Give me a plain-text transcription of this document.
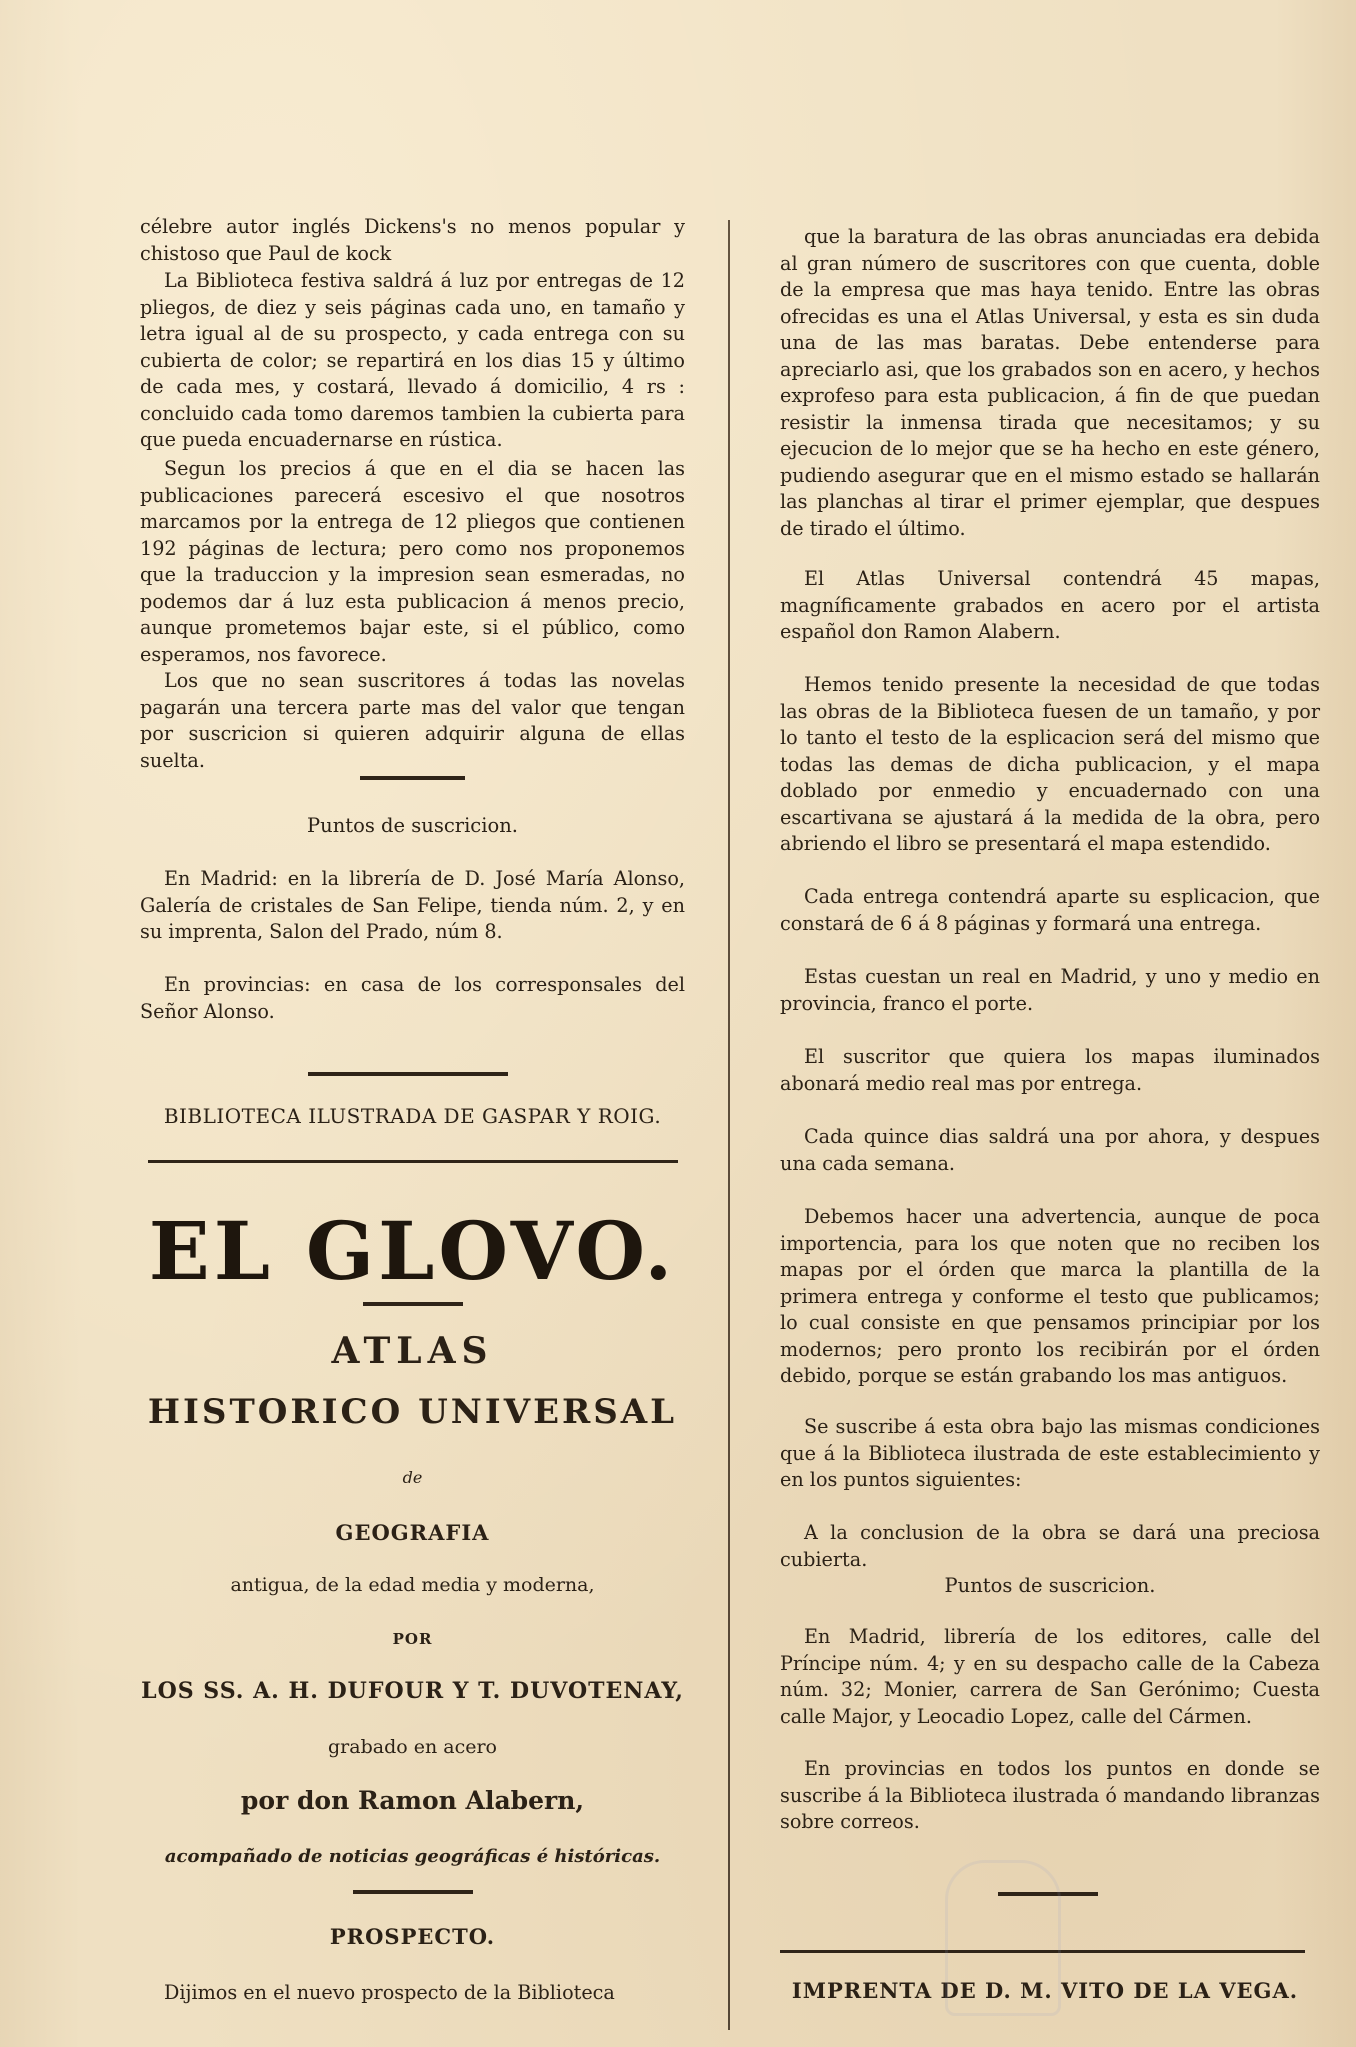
célebre autor inglés Dickens's no menos popular y chistoso que Paul de kock

La Biblioteca festiva saldrá á luz por entregas de 12 pliegos, de diez y seis páginas cada uno, en tamaño y letra igual al de su prospecto, y cada entrega con su cubierta de color; se repartirá en los dias 15 y último de cada mes, y costará, llevado á domicilio, 4 rs : concluido cada tomo daremos tambien la cubierta para que pueda encuadernarse en rústica.

Segun los precios á que en el dia se hacen las publicaciones parecerá escesivo el que nosotros marcamos por la entrega de 12 pliegos que contienen 192 páginas de lectura; pero como nos proponemos que la traduccion y la impresion sean esmeradas, no podemos dar á luz esta publicacion á menos precio, aunque prometemos bajar este, si el público, como esperamos, nos favorece.

Los que no sean suscritores á todas las novelas pagarán una tercera parte mas del valor que tengan por suscricion si quieren adquirir alguna de ellas suelta.

Puntos de suscricion.

En Madrid: en la librería de D. José María Alonso, Galería de cristales de San Felipe, tienda núm. 2, y en su imprenta, Salon del Prado, núm 8.

En provincias: en casa de los corresponsales del Señor Alonso.

BIBLIOTECA ILUSTRADA DE GASPAR Y ROIG.

EL GLOVO.

ATLAS

HISTORICO UNIVERSAL

de

GEOGRAFIA

antigua, de la edad media y moderna,

POR

LOS SS. A. H. DUFOUR Y T. DUVOTENAY,

grabado en acero

por don Ramon Alabern,

acompañado de noticias geográficas é históricas.

PROSPECTO.

Dijimos en el nuevo prospecto de la Biblioteca

que la baratura de las obras anunciadas era debida al gran número de suscritores con que cuenta, doble de la empresa que mas haya tenido. Entre las obras ofrecidas es una el Atlas Universal, y esta es sin duda una de las mas baratas. Debe entenderse para apreciarlo asi, que los grabados son en acero, y hechos exprofeso para esta publicacion, á fin de que puedan resistir la inmensa tirada que necesitamos; y su ejecucion de lo mejor que se ha hecho en este género, pudiendo asegurar que en el mismo estado se hallarán las planchas al tirar el primer ejemplar, que despues de tirado el último.

El Atlas Universal contendrá 45 mapas, magníficamente grabados en acero por el artista español don Ramon Alabern.

Hemos tenido presente la necesidad de que todas las obras de la Biblioteca fuesen de un tamaño, y por lo tanto el testo de la esplicacion será del mismo que todas las demas de dicha publicacion, y el mapa doblado por enmedio y encuadernado con una escartivana se ajustará á la medida de la obra, pero abriendo el libro se presentará el mapa estendido.

Cada entrega contendrá aparte su esplicacion, que constará de 6 á 8 páginas y formará una entrega.

Estas cuestan un real en Madrid, y uno y medio en provincia, franco el porte.

El suscritor que quiera los mapas iluminados abonará medio real mas por entrega.

Cada quince dias saldrá una por ahora, y despues una cada semana.

Debemos hacer una advertencia, aunque de poca importencia, para los que noten que no reciben los mapas por el órden que marca la plantilla de la primera entrega y conforme el testo que publicamos; lo cual consiste en que pensamos principiar por los modernos; pero pronto los recibirán por el órden debido, porque se están grabando los mas antiguos.

Se suscribe á esta obra bajo las mismas condiciones que á la Biblioteca ilustrada de este establecimiento y en los puntos siguientes:

A la conclusion de la obra se dará una preciosa cubierta.

Puntos de suscricion.

En Madrid, librería de los editores, calle del Príncipe núm. 4; y en su despacho calle de la Cabeza núm. 32; Monier, carrera de San Gerónimo; Cuesta calle Major, y Leocadio Lopez, calle del Cármen.

En provincias en todos los puntos en donde se suscribe á la Biblioteca ilustrada ó mandando libranzas sobre correos.

IMPRENTA DE D. M. VITO DE LA VEGA.
